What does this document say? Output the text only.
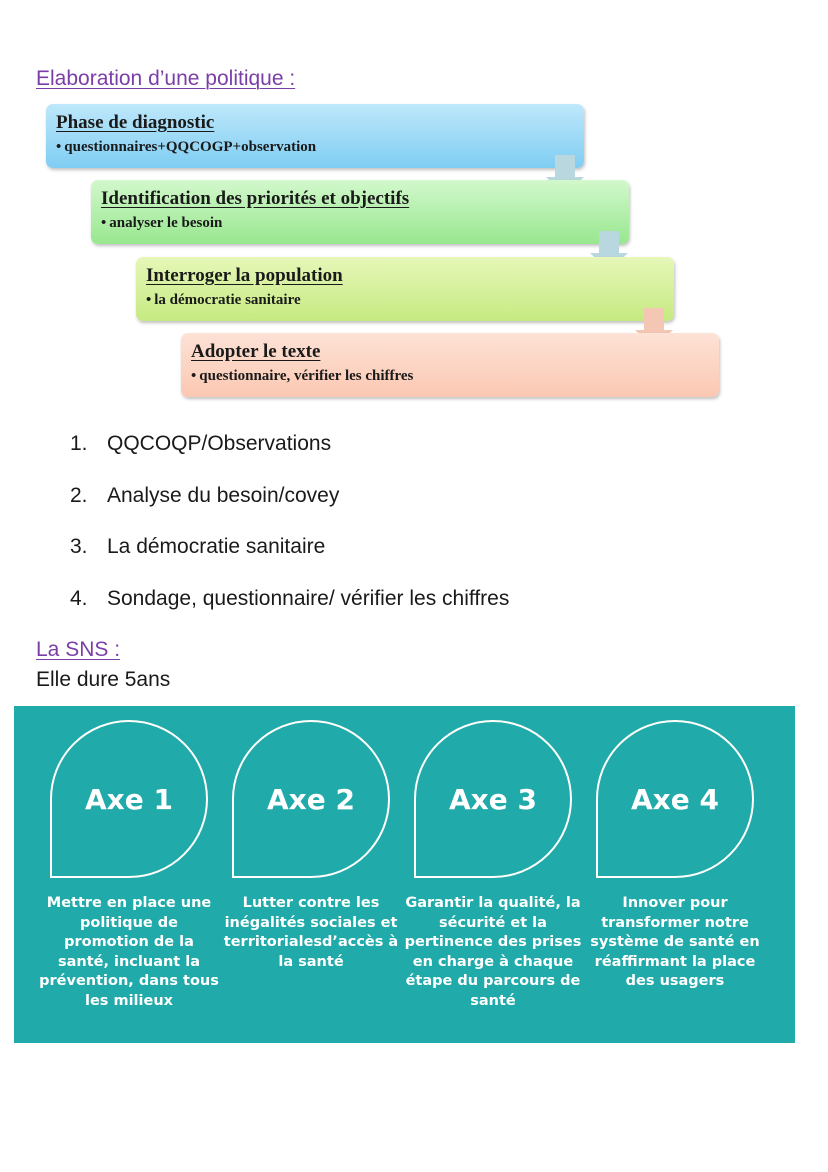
Elaboration d’une politique :
Phase de diagnostic
• questionnaires+QQCOGP+observation
Identification des priorités et objectifs
• analyser le besoin
Interroger la population
• la démocratie sanitaire
Adopter le texte
• questionnaire, vérifier les chiffres
1. QQCOQP/Observations
2. Analyse du besoin/covey
3. La démocratie sanitaire
4. Sondage, questionnaire/ vérifier les chiffres
La SNS :
Elle dure 5ans
Axe 1
Mettre en place une politique de promotion de la santé, incluant la prévention, dans tous les milieux
Axe 2
Lutter contre les inégalités sociales et territorialesd’accès à la santé
Axe 3
Garantir la qualité, la sécurité et la pertinence des prises en charge à chaque étape du parcours de santé
Axe 4
Innover pour transformer notre système de santé en réaffirmant la place des usagers
